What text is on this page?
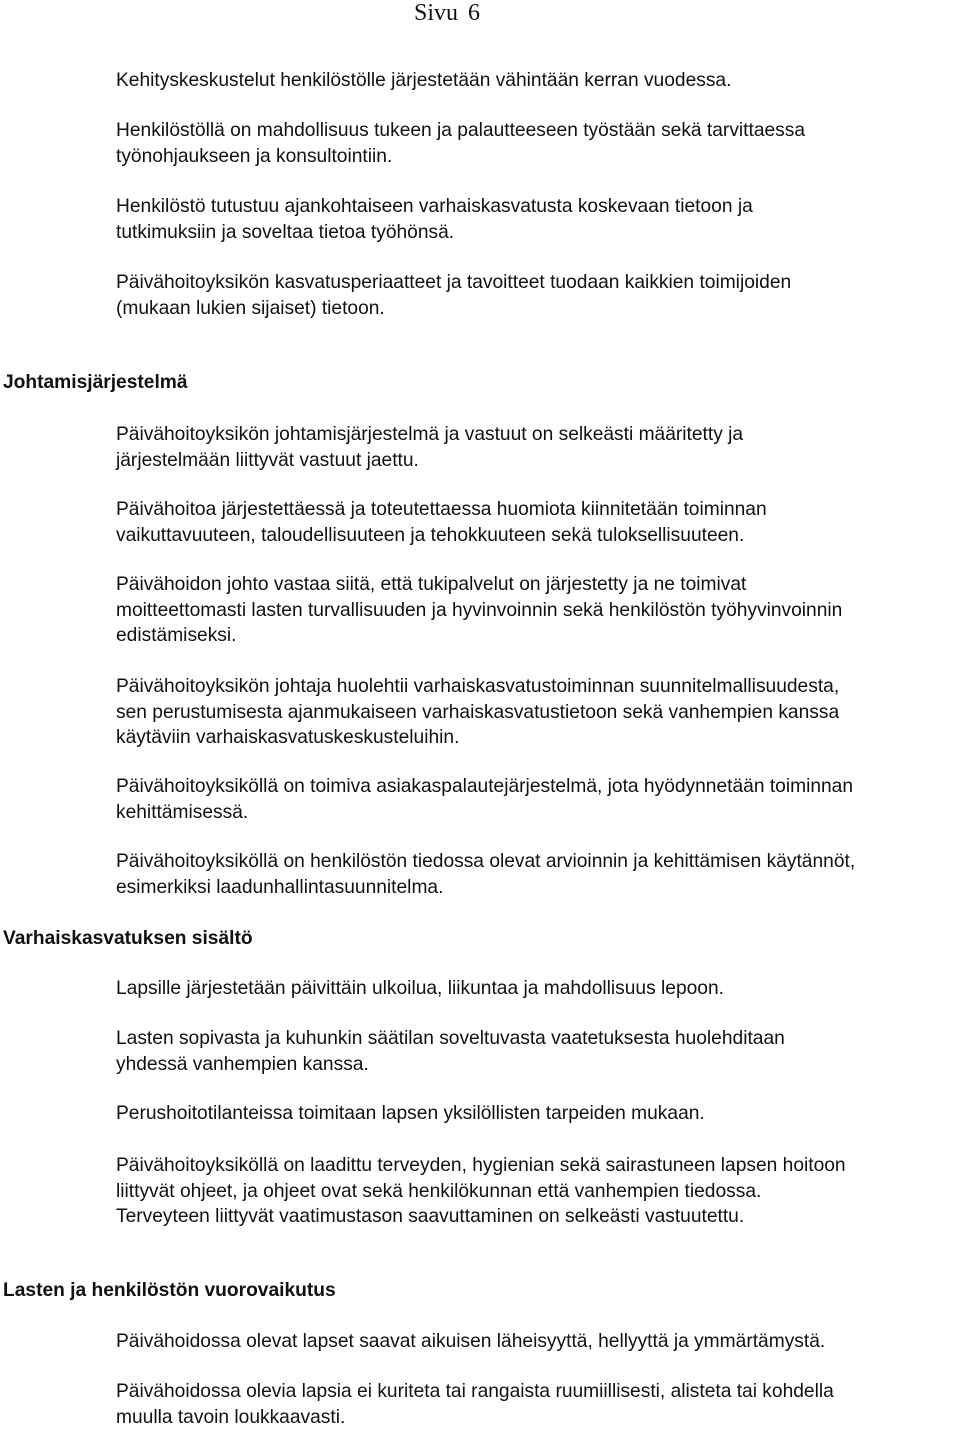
Sivu 6
Kehityskeskustelut henkilöstölle järjestetään vähintään kerran vuodessa.
Henkilöstöllä on mahdollisuus tukeen ja palautteeseen työstään sekä tarvittaessa
työnohjaukseen ja konsultointiin.
Henkilöstö tutustuu ajankohtaiseen varhaiskasvatusta koskevaan tietoon ja
tutkimuksiin ja soveltaa tietoa työhönsä.
Päivähoitoyksikön kasvatusperiaatteet ja tavoitteet tuodaan kaikkien toimijoiden
(mukaan lukien sijaiset) tietoon.
Johtamisjärjestelmä
Päivähoitoyksikön johtamisjärjestelmä ja vastuut on selkeästi määritetty ja
järjestelmään liittyvät vastuut jaettu.
Päivähoitoa järjestettäessä ja toteutettaessa huomiota kiinnitetään toiminnan
vaikuttavuuteen, taloudellisuuteen ja tehokkuuteen sekä tuloksellisuuteen.
Päivähoidon johto vastaa siitä, että tukipalvelut on järjestetty ja ne toimivat
moitteettomasti lasten turvallisuuden ja hyvinvoinnin sekä henkilöstön työhyvinvoinnin
edistämiseksi.
Päivähoitoyksikön johtaja huolehtii varhaiskasvatustoiminnan suunnitelmallisuudesta,
sen perustumisesta ajanmukaiseen varhaiskasvatustietoon sekä vanhempien kanssa
käytäviin varhaiskasvatuskeskusteluihin.
Päivähoitoyksiköllä on toimiva asiakaspalautejärjestelmä, jota hyödynnetään toiminnan
kehittämisessä.
Päivähoitoyksiköllä on henkilöstön tiedossa olevat arvioinnin ja kehittämisen käytännöt,
esimerkiksi laadunhallintasuunnitelma.
Varhaiskasvatuksen sisältö
Lapsille järjestetään päivittäin ulkoilua, liikuntaa ja mahdollisuus lepoon.
Lasten sopivasta ja kuhunkin säätilan soveltuvasta vaatetuksesta huolehditaan
yhdessä vanhempien kanssa.
Perushoitotilanteissa toimitaan lapsen yksilöllisten tarpeiden mukaan.
Päivähoitoyksiköllä on laadittu terveyden, hygienian sekä sairastuneen lapsen hoitoon
liittyvät ohjeet, ja ohjeet ovat sekä henkilökunnan että vanhempien tiedossa.
Terveyteen liittyvät vaatimustason saavuttaminen on selkeästi vastuutettu.
Lasten ja henkilöstön vuorovaikutus
Päivähoidossa olevat lapset saavat aikuisen läheisyyttä, hellyyttä ja ymmärtämystä.
Päivähoidossa olevia lapsia ei kuriteta tai rangaista ruumiillisesti, alisteta tai kohdella
muulla tavoin loukkaavasti.
